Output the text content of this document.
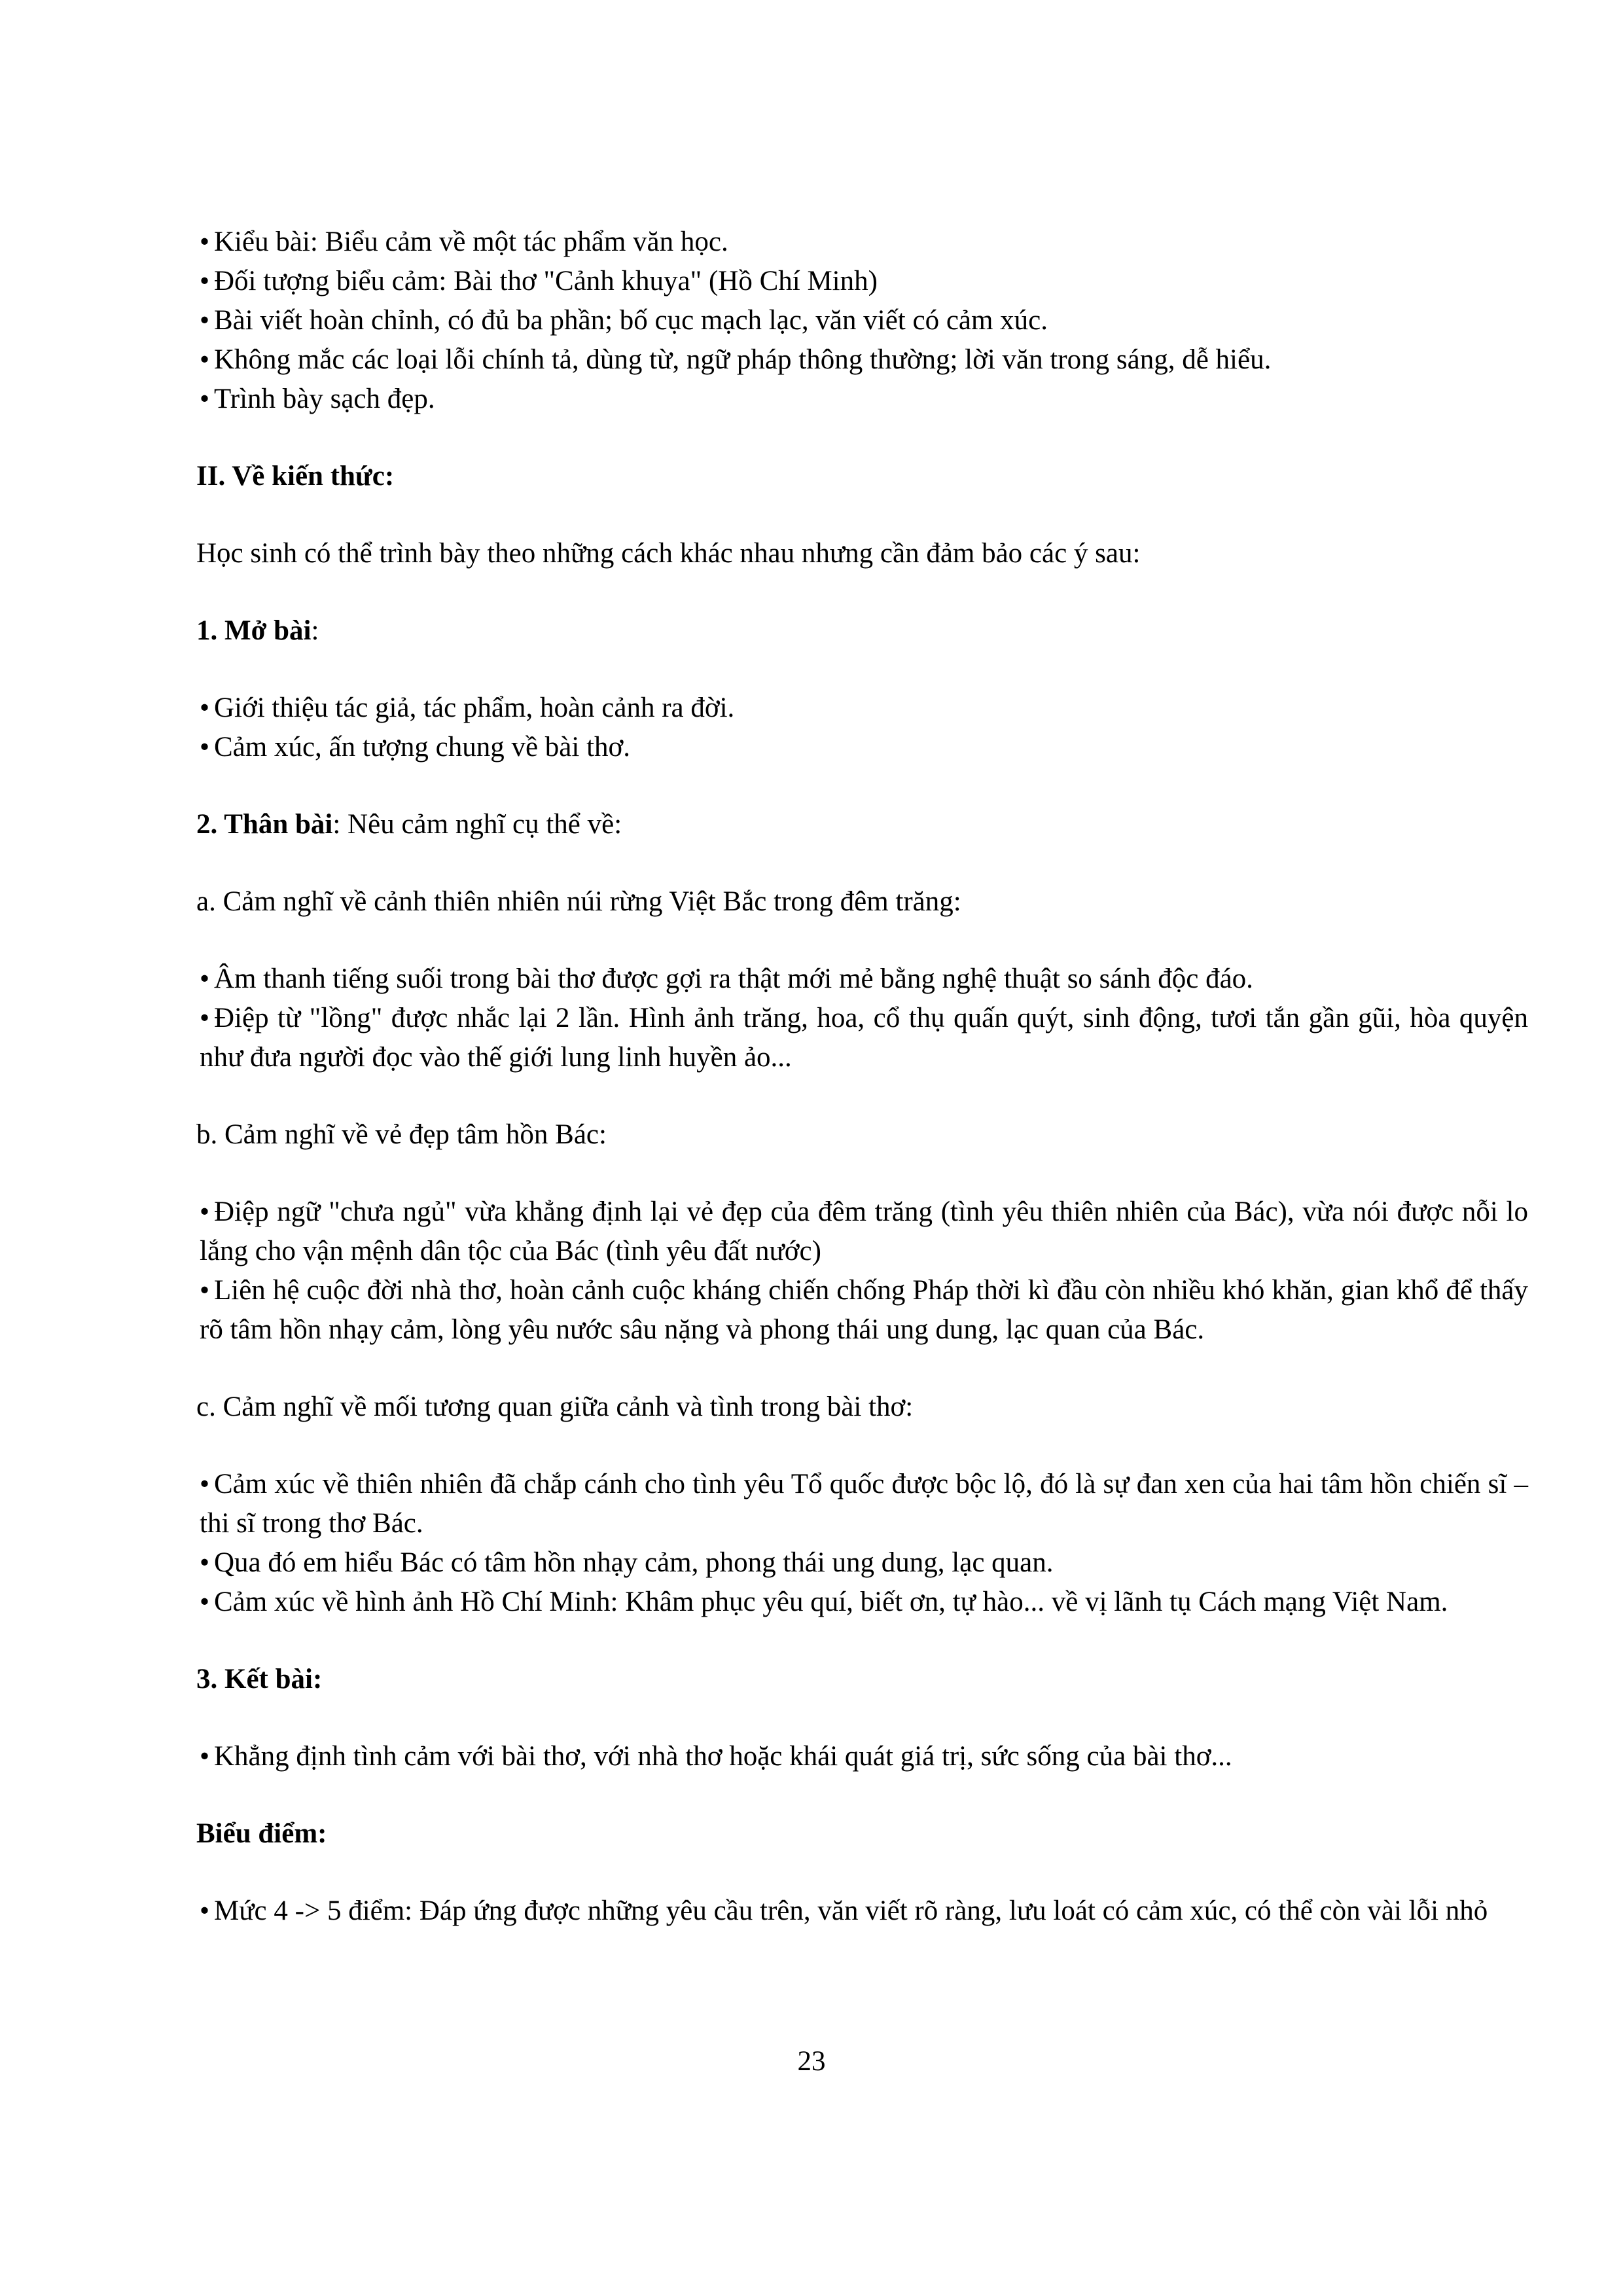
• Kiểu bài: Biểu cảm về một tác phẩm văn học.
• Đối tượng biểu cảm: Bài thơ "Cảnh khuya" (Hồ Chí Minh)
• Bài viết hoàn chỉnh, có đủ ba phần; bố cục mạch lạc, văn viết có cảm xúc.
• Không mắc các loại lỗi chính tả, dùng từ, ngữ pháp thông thường; lời văn trong sáng, dễ hiểu.
• Trình bày sạch đẹp.

II. Về kiến thức:

Học sinh có thể trình bày theo những cách khác nhau nhưng cần đảm bảo các ý sau:

1. Mở bài:

• Giới thiệu tác giả, tác phẩm, hoàn cảnh ra đời.
• Cảm xúc, ấn tượng chung về bài thơ.

2. Thân bài: Nêu cảm nghĩ cụ thể về:

a. Cảm nghĩ về cảnh thiên nhiên núi rừng Việt Bắc trong đêm trăng:

• Âm thanh tiếng suối trong bài thơ được gợi ra thật mới mẻ bằng nghệ thuật so sánh độc đáo.
• Điệp từ "lồng" được nhắc lại 2 lần. Hình ảnh trăng, hoa, cổ thụ quấn quýt, sinh động, tươi tắn gần gũi, hòa quyện như đưa người đọc vào thế giới lung linh huyền ảo...

b. Cảm nghĩ về vẻ đẹp tâm hồn Bác:

• Điệp ngữ "chưa ngủ" vừa khẳng định lại vẻ đẹp của đêm trăng (tình yêu thiên nhiên của Bác), vừa nói được nỗi lo lắng cho vận mệnh dân tộc của Bác (tình yêu đất nước)
• Liên hệ cuộc đời nhà thơ, hoàn cảnh cuộc kháng chiến chống Pháp thời kì đầu còn nhiều khó khăn, gian khổ để thấy rõ tâm hồn nhạy cảm, lòng yêu nước sâu nặng và phong thái ung dung, lạc quan của Bác.

c. Cảm nghĩ về mối tương quan giữa cảnh và tình trong bài thơ:

• Cảm xúc về thiên nhiên đã chắp cánh cho tình yêu Tổ quốc được bộc lộ, đó là sự đan xen của hai tâm hồn chiến sĩ – thi sĩ trong thơ Bác.
• Qua đó em hiểu Bác có tâm hồn nhạy cảm, phong thái ung dung, lạc quan.
• Cảm xúc về hình ảnh Hồ Chí Minh: Khâm phục yêu quí, biết ơn, tự hào... về vị lãnh tụ Cách mạng Việt Nam.

3. Kết bài:

• Khẳng định tình cảm với bài thơ, với nhà thơ hoặc khái quát giá trị, sức sống của bài thơ...

Biểu điểm:

• Mức 4 -> 5 điểm: Đáp ứng được những yêu cầu trên, văn viết rõ ràng, lưu loát có cảm xúc, có thể còn vài lỗi nhỏ

23
